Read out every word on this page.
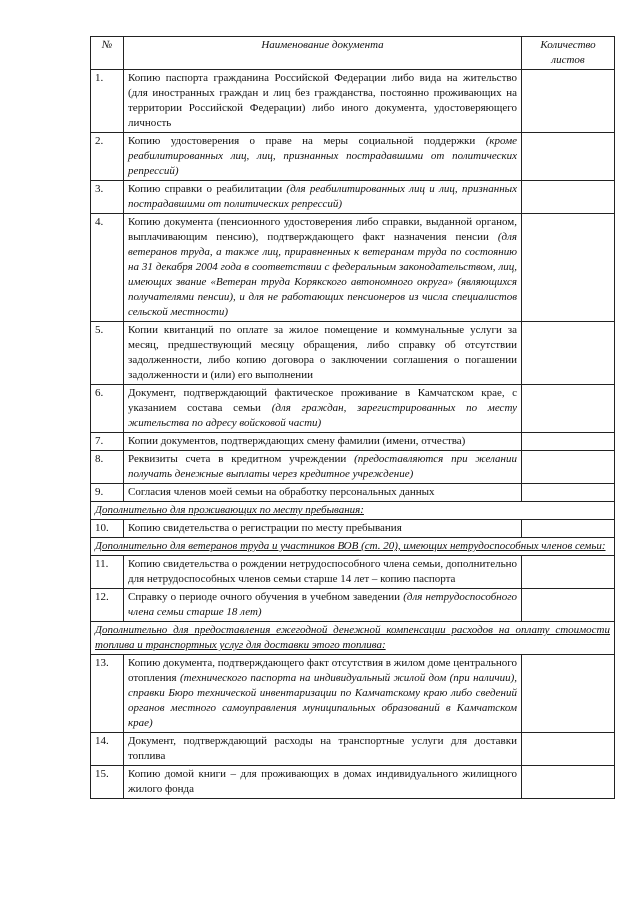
№	Наименование документа	Количество листов
1.	Копию паспорта гражданина Российской Федерации либо вида на жительство (для иностранных граждан и лиц без гражданства, постоянно проживающих на территории Российской Федерации) либо иного документа, удостоверяющего личность	
2.	Копию удостоверения о праве на меры социальной поддержки (кроме реабилитированных лиц, лиц, признанных пострадавшими от политических репрессий)	
3.	Копию справки о реабилитации (для реабилитированных лиц и лиц, признанных пострадавшими от политических репрессий)	
4.	Копию документа (пенсионного удостоверения либо справки, выданной органом, выплачивающим пенсию), подтверждающего факт назначения пенсии (для ветеранов труда, а также лиц, приравненных к ветеранам труда по состоянию на 31 декабря 2004 года в соответствии с федеральным законодательством, лиц, имеющих звание «Ветеран труда Корякского автономного округа» (являющихся получателями пенсии), и для не работающих пенсионеров из числа специалистов сельской местности)	
5.	Копии квитанций по оплате за жилое помещение и коммунальные услуги за месяц, предшествующий месяцу обращения, либо справку об отсутствии задолженности, либо копию договора о заключении соглашения о погашении задолженности и (или) его выполнении	
6.	Документ, подтверждающий фактическое проживание в Камчатском крае, с указанием состава семьи (для граждан, зарегистрированных по месту жительства по адресу войсковой части)	
7.	Копии документов, подтверждающих смену фамилии (имени, отчества)	
8.	Реквизиты счета в кредитном учреждении (предоставляются при желании получать денежные выплаты через кредитное учреждение)	
9.	Согласия членов моей семьи на обработку персональных данных	
Дополнительно для проживающих по месту пребывания:		
10.	Копию свидетельства о регистрации по месту пребывания	
Дополнительно для ветеранов труда и участников ВОВ (ст. 20), имеющих нетрудоспособных членов семьи:		
11.	Копию свидетельства о рождении нетрудоспособного члена семьи, дополнительно для нетрудоспособных членов семьи старше 14 лет – копию паспорта	
12.	Справку о периоде очного обучения в учебном заведении (для нетрудоспособного члена семьи старше 18 лет)	
Дополнительно для предоставления ежегодной денежной компенсации расходов на оплату стоимости топлива и транспортных услуг для доставки этого топлива:		
13.	Копию документа, подтверждающего факт отсутствия в жилом доме центрального отопления (технического паспорта на индивидуальный жилой дом (при наличии), справки Бюро технической инвентаризации по Камчатскому краю либо сведений органов местного самоуправления муниципальных образований в Камчатском крае)	
14.	Документ, подтверждающий расходы на транспортные услуги для доставки топлива	
15.	Копию домой книги – для проживающих в домах индивидуального жилищного жилого фонда	
